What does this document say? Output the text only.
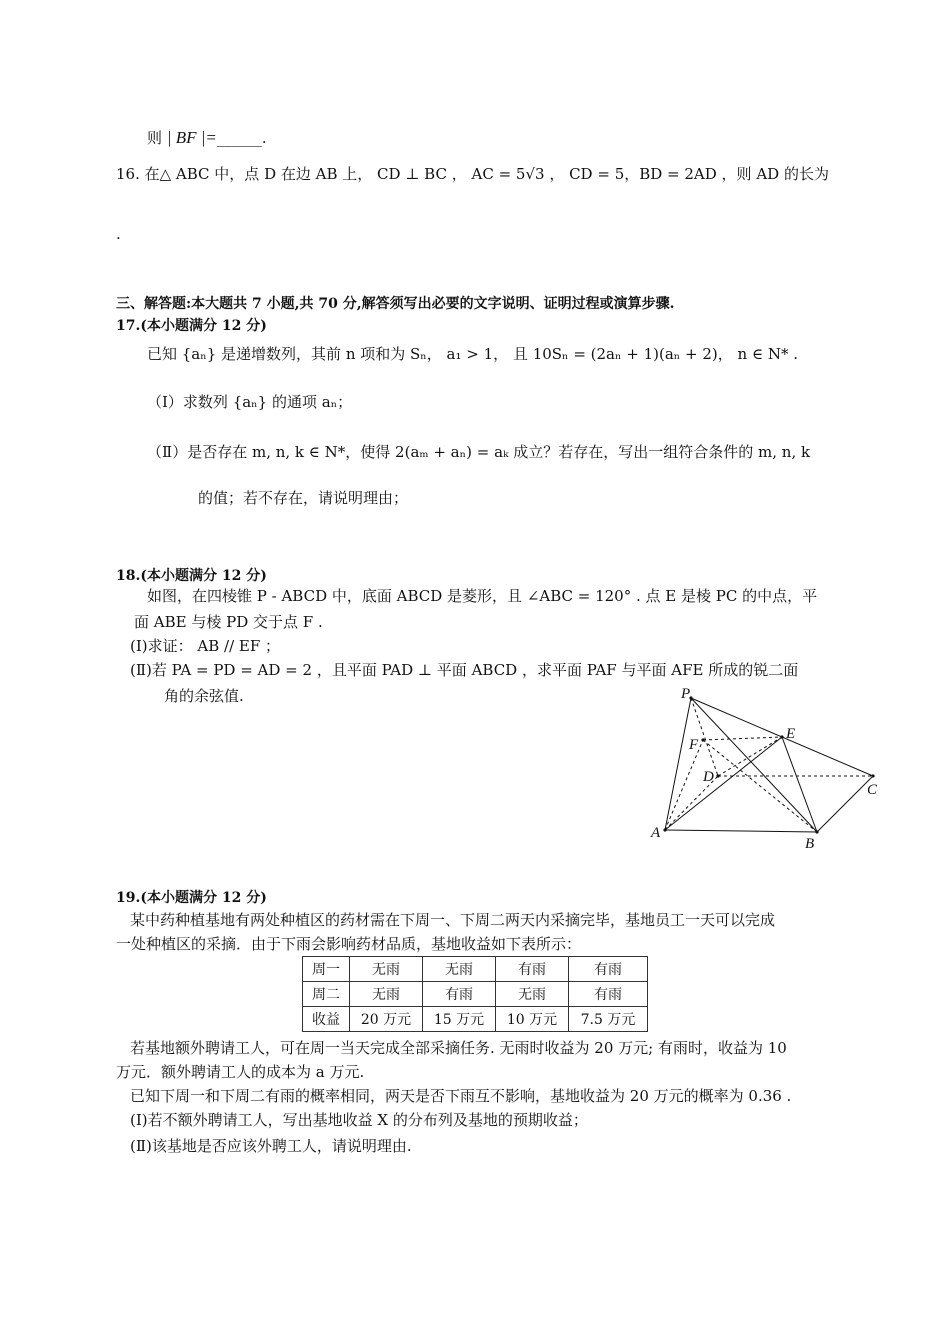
则 | BF |=______.
16. 在△ ABC 中，点 D 在边 AB 上， CD ⊥ BC ， AC = 5√3 ， CD = 5，BD = 2AD ，则 AD 的长为
.
三、解答题:本大题共 7 小题,共 70 分,解答须写出必要的文字说明、证明过程或演算步骤.
17.(本小题满分 12 分)
已知 {aₙ} 是递增数列，其前 n 项和为 Sₙ， a₁ > 1， 且 10Sₙ = (2aₙ + 1)(aₙ + 2)， n ∈ N* .
（Ⅰ）求数列 {aₙ} 的通项 aₙ；
（Ⅱ）是否存在 m, n, k ∈ N*，使得 2(aₘ + aₙ) = aₖ 成立？若存在，写出一组符合条件的 m, n, k
的值；若不存在，请说明理由；
18.(本小题满分 12 分)
如图，在四棱锥 P - ABCD 中，底面 ABCD 是菱形，且 ∠ABC = 120° . 点 E 是棱 PC 的中点，平
面 ABE 与棱 PD 交于点 F .
(Ⅰ)求证： AB // EF ；
(Ⅱ)若 PA = PD = AD = 2 ，且平面 PAD ⊥ 平面 ABCD ，求平面 PAF 与平面 AFE 所成的锐二面
角的余弦值.	P
E
F
D
C
A
B
19.(本小题满分 12 分)
某中药种植基地有两处种植区的药材需在下周一、下周二两天内采摘完毕，基地员工一天可以完成
一处种植区的采摘．由于下雨会影响药材品质，基地收益如下表所示：
周一	无雨	无雨	有雨	有雨
周二	无雨	有雨	无雨	有雨
收益	20 万元	15 万元	10 万元	7.5 万元
若基地额外聘请工人，可在周一当天完成全部采摘任务. 无雨时收益为 20 万元; 有雨时，收益为 10
万元．额外聘请工人的成本为 a 万元.
已知下周一和下周二有雨的概率相同，两天是否下雨互不影响，基地收益为 20 万元的概率为 0.36 .
(Ⅰ)若不额外聘请工人，写出基地收益 X 的分布列及基地的预期收益；
(Ⅱ)该基地是否应该外聘工人，请说明理由.
